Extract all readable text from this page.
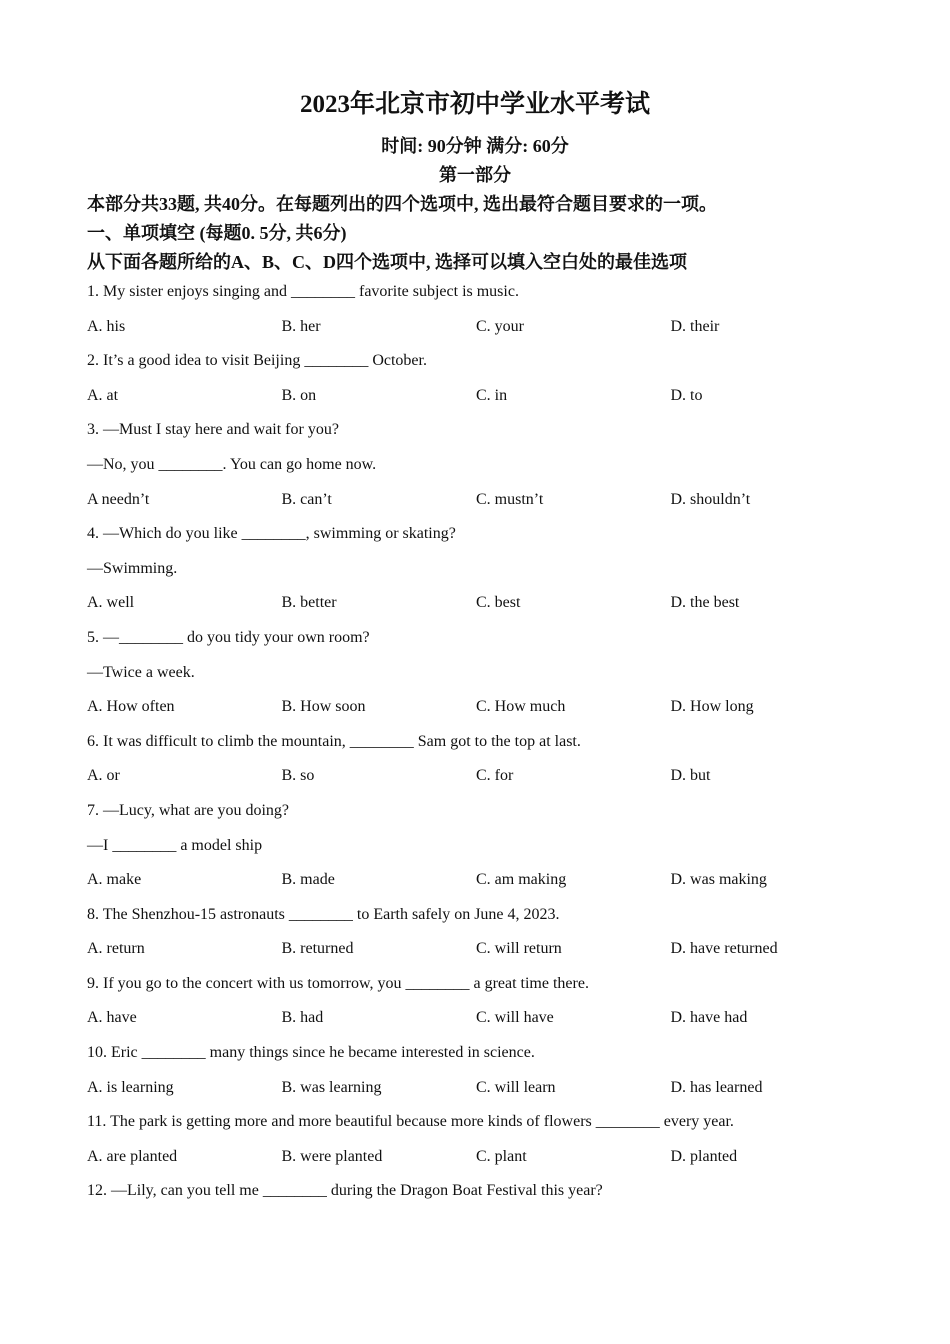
2023年北京市初中学业水平考试
时间: 90分钟 满分: 60分
第一部分
本部分共33题, 共40分。在每题列出的四个选项中, 选出最符合题目要求的一项。
一、单项填空 (每题0. 5分, 共6分)
从下面各题所给的A、B、C、D四个选项中, 选择可以填入空白处的最佳选项
1. My sister enjoys singing and ________ favorite subject is music.
A. his	B. her	C. your	D. their
2. It’s a good idea to visit Beijing ________ October.
A. at	B. on	C. in	D. to
3. —Must I stay here and wait for you?
—No, you ________. You can go home now.
A needn’t	B. can’t	C. mustn’t	D. shouldn’t
4. —Which do you like ________, swimming or skating?
—Swimming.
A. well	B. better	C. best	D. the best
5. —________ do you tidy your own room?
—Twice a week.
A. How often	B. How soon	C. How much	D. How long
6. It was difficult to climb the mountain, ________ Sam got to the top at last.
A. or	B. so	C. for	D. but
7. —Lucy, what are you doing?
—I ________ a model ship
A. make	B. made	C. am making	D. was making
8. The Shenzhou-15 astronauts ________ to Earth safely on June 4, 2023.
A. return	B. returned	C. will return	D. have returned
9. If you go to the concert with us tomorrow, you ________ a great time there.
A. have	B. had	C. will have	D. have had
10. Eric ________ many things since he became interested in science.
A. is learning	B. was learning	C. will learn	D. has learned
11. The park is getting more and more beautiful because more kinds of flowers ________ every year.
A. are planted	B. were planted	C. plant	D. planted
12. —Lily, can you tell me ________ during the Dragon Boat Festival this year?
